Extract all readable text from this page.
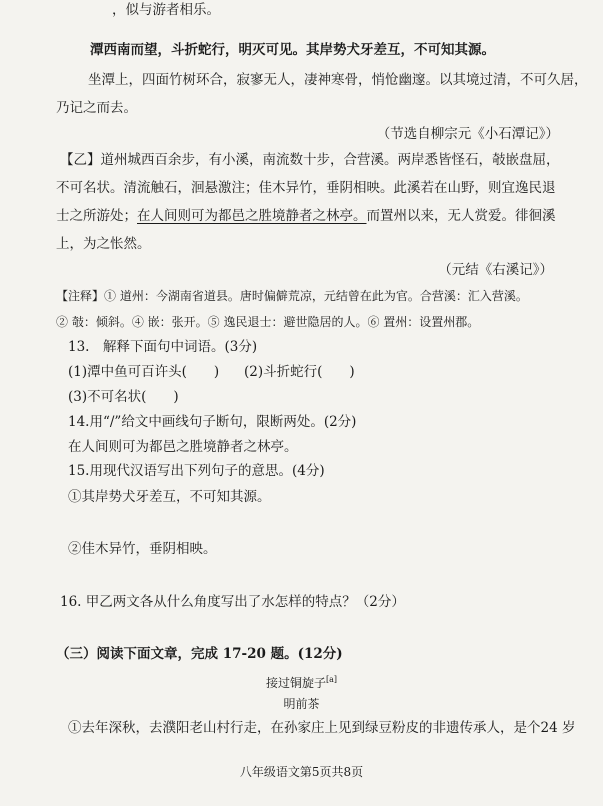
，似与游者相乐。
潭西南而望，斗折蛇行，明灭可见。其岸势犬牙差互，不可知其源。
坐潭上，四面竹树环合，寂寥无人，凄神寒骨，悄怆幽邃。以其境过清，不可久居，
乃记之而去。
（节选自柳宗元《小石潭记》）
【乙】道州城西百余步，有小溪，南流数十步，合营溪。两岸悉皆怪石，攲嵌盘屈，
不可名状。清流触石，洄悬激注；佳木异竹，垂阴相映。此溪若在山野，则宜逸民退
士之所游处；在人间则可为都邑之胜境静者之林亭。而置州以来，无人赏爱。徘徊溪
上，为之怅然。
（元结《右溪记》）
【注释】① 道州：今湖南省道县。唐时偏僻荒凉，元结曾在此为官。合营溪：汇入营溪。
② 攲：倾斜。④ 嵌：张开。⑤ 逸民退士：避世隐居的人。⑥ 置州：设置州郡。
13.　解释下面句中词语。(3分)
(1)潭中鱼可百许头(　　) (2)斗折蛇行(　　)
(3)不可名状(　　)
14.用“/”给文中画线句子断句，限断两处。(2分)
在人间则可为都邑之胜境静者之林亭。
15.用现代汉语写出下列句子的意思。(4分)
①其岸势犬牙差互，不可知其源。
②佳木异竹，垂阴相映。
16. 甲乙两文各从什么角度写出了水怎样的特点？（2分）
（三）阅读下面文章，完成 17-20 题。(12分)
接过铜旋子[a]
明前茶
①去年深秋，去濮阳老山村行走，在孙家庄上见到绿豆粉皮的非遗传承人，是个24 岁
八年级语文第5页共8页
